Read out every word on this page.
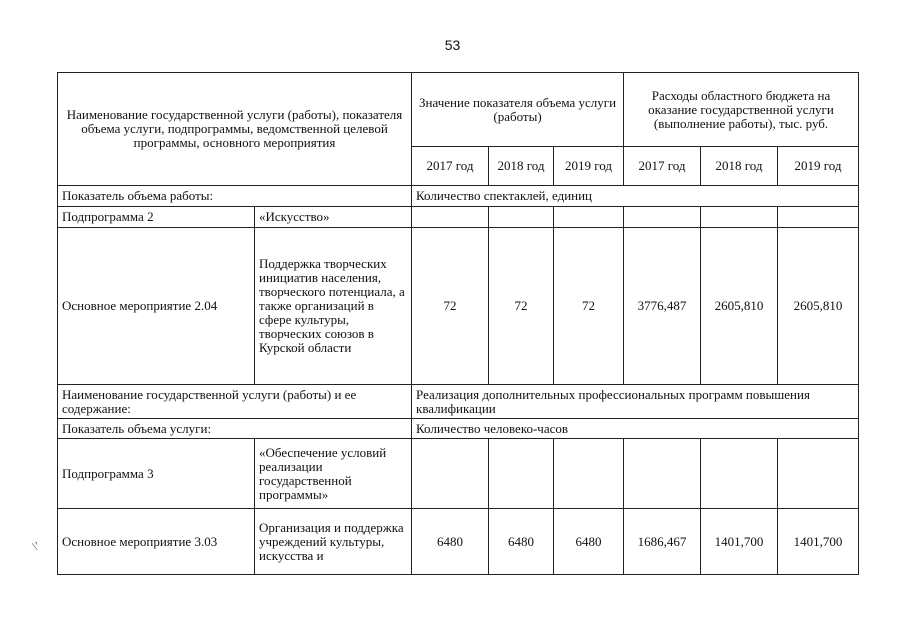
53
\'
Наименование государственной услуги (работы), показателя объема услуги, подпрограммы, ведомственной целевой программы, основного мероприятия		Значение показателя объема услуги (работы)			Расходы областного бюджета на оказание государственной услуги (выполнение работы), тыс. руб.		
		2017 год	2018 год	2019 год	2017 год	2018 год	2019 год
Показатель объема работы:		Количество спектаклей, единиц					
Подпрограмма 2	«Искусство»						
Основное мероприятие 2.04	Поддержка творческих инициатив населения, творческого потенциала, а также организаций в сфере культуры, творческих союзов в Курской области	72	72	72	3776,487	2605,810	2605,810
Наименование государственной услуги (работы) и ее содержание:		Реализация дополнительных профессиональных программ повышения квалификации					
Показатель объема услуги:		Количество человеко-часов					
Подпрограмма 3	«Обеспечение условий реализации государственной программы»						
Основное мероприятие 3.03	Организация и поддержка учреждений культуры, искусства и	6480	6480	6480	1686,467	1401,700	1401,700
